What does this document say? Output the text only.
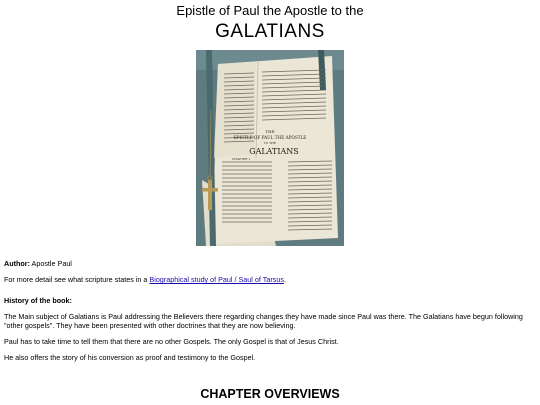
Epistle of Paul the Apostle to the
GALATIANS
THE
EPISTLE OF PAUL THE APOSTLE
TO THE
GALATIANS
CHAPTER 1

Author: Apostle Paul

For more detail see what scripture states in a Biographical study of Paul / Saul of Tarsus.

History of the book:

The Main subject of Galatians is Paul addressing the Believers there regarding changes they have made since Paul was there. The Galatians have begun following "other gospels". They have been presented with other doctrines that they are now believing.

Paul has to take time to tell them that there are no other Gospels. The only Gospel is that of Jesus Christ.

He also offers the story of his conversion as proof and testimony to the Gospel.

CHAPTER OVERVIEWS
